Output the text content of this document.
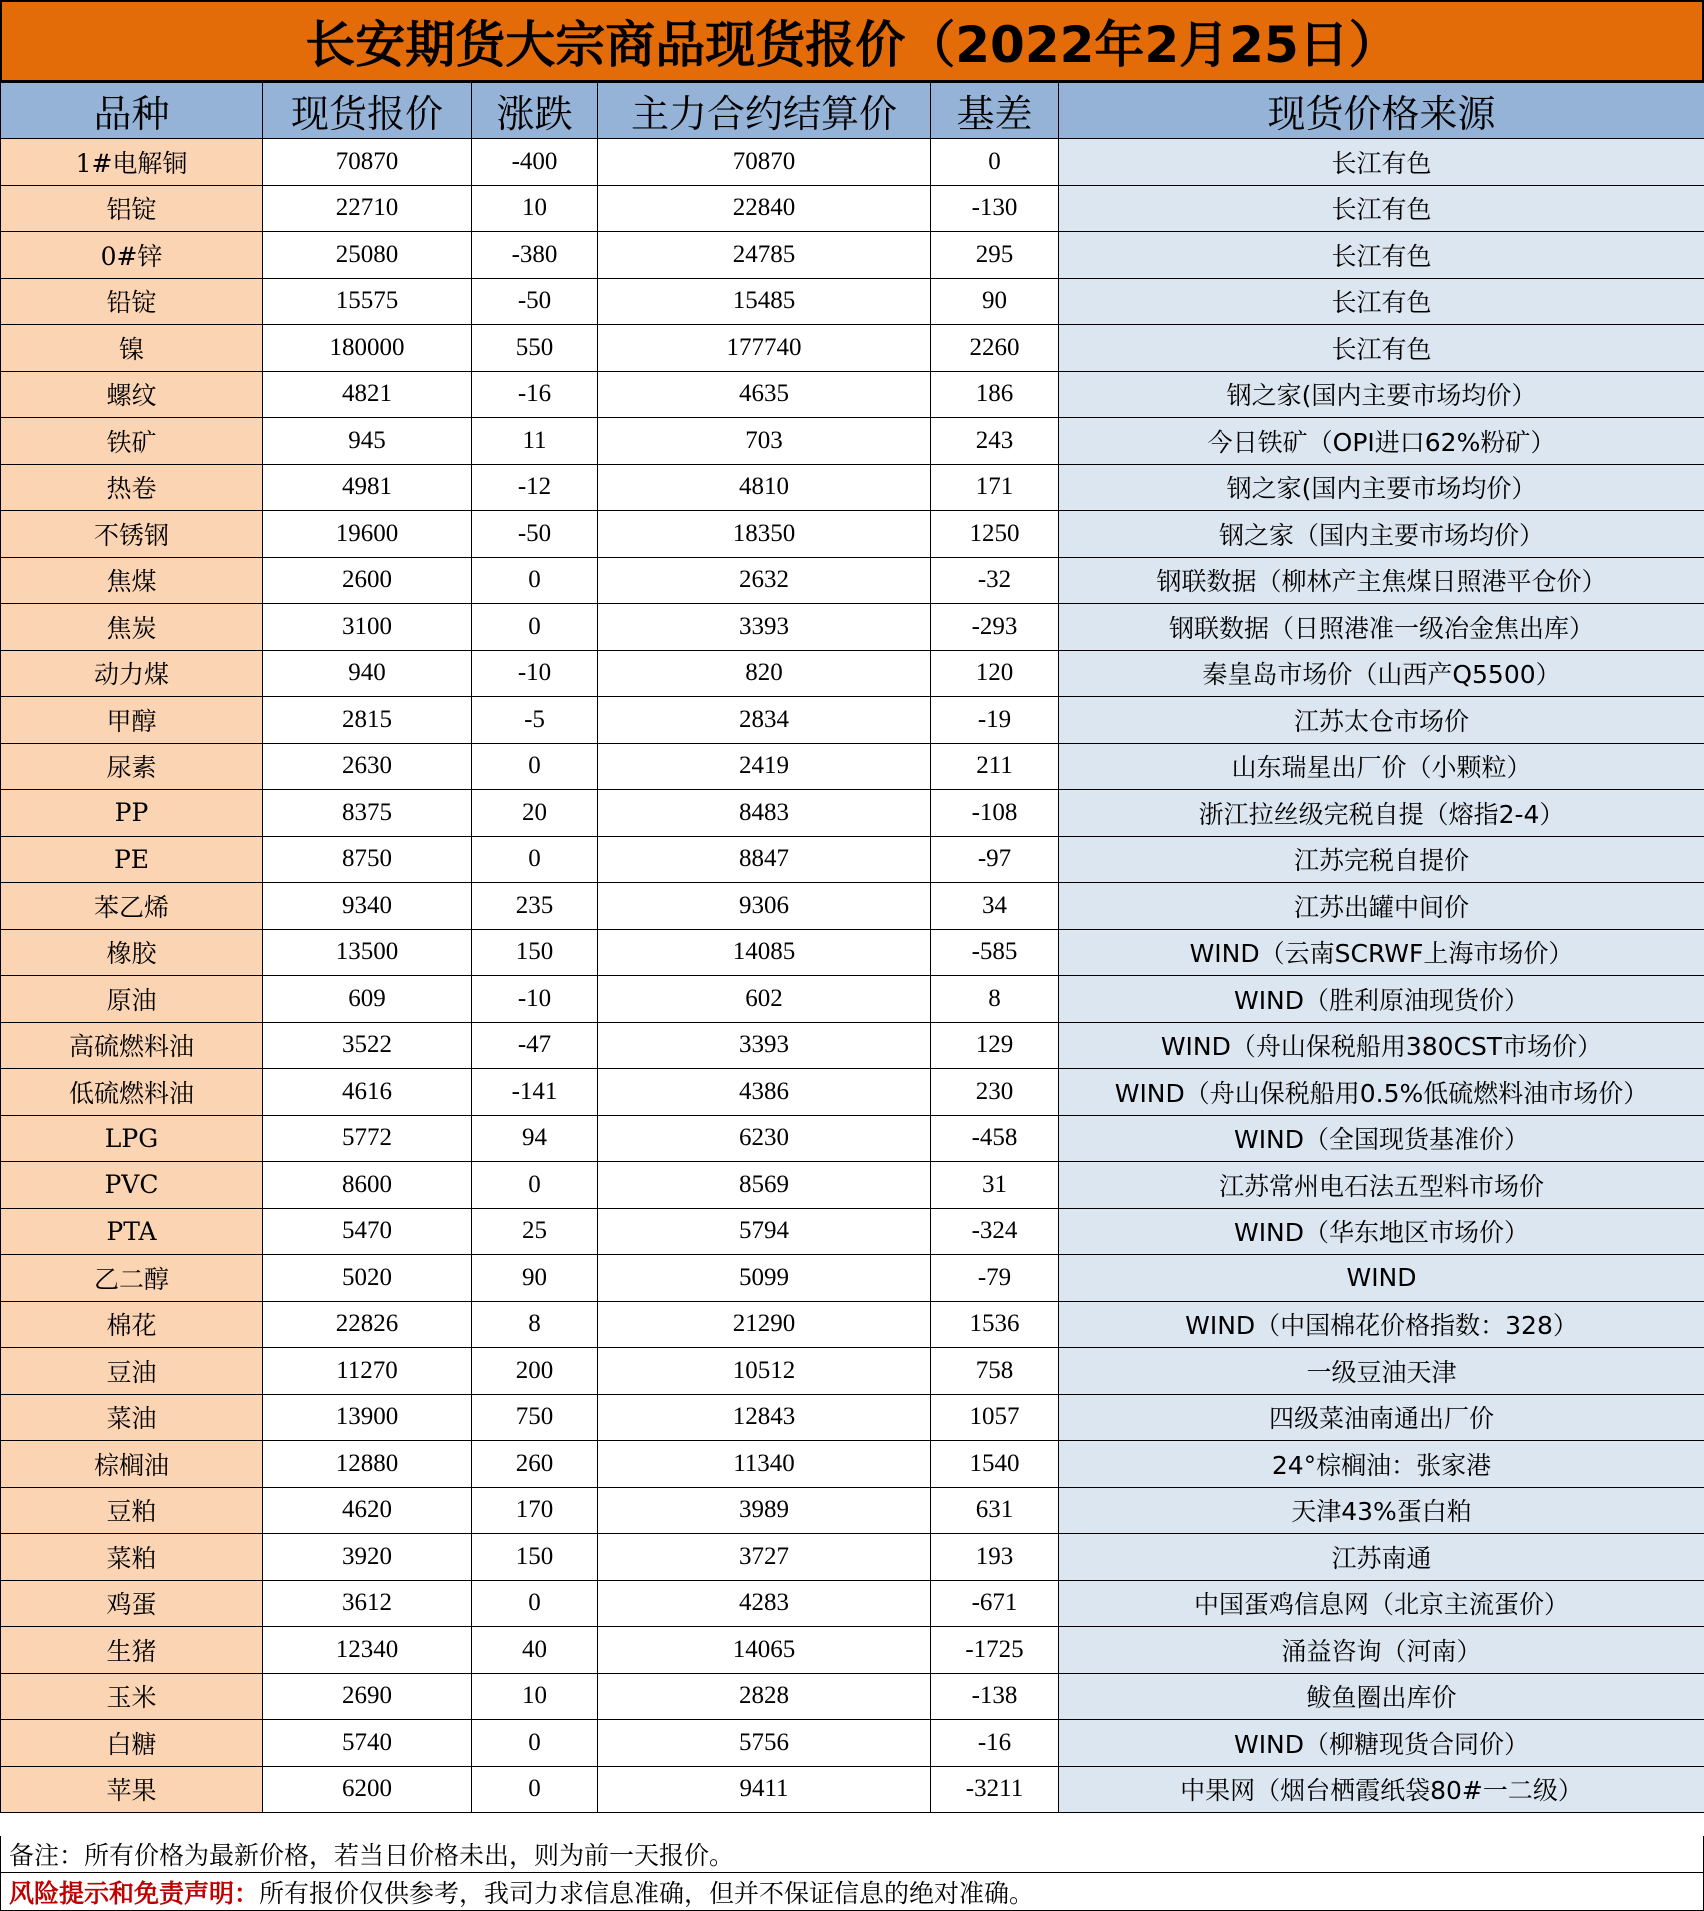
长安期货大宗商品现货报价（2022年2月25日）
品种	现货报价	涨跌	主力合约结算价	基差	现货价格来源
1#电解铜	70870	-400	70870	0	长江有色
铝锭	22710	10	22840	-130	长江有色
0#锌	25080	-380	24785	295	长江有色
铅锭	15575	-50	15485	90	长江有色
镍	180000	550	177740	2260	长江有色
螺纹	4821	-16	4635	186	钢之家(国内主要市场均价）
铁矿	945	11	703	243	今日铁矿（OPI进口62%粉矿）
热卷	4981	-12	4810	171	钢之家(国内主要市场均价）
不锈钢	19600	-50	18350	1250	钢之家（国内主要市场均价）
焦煤	2600	0	2632	-32	钢联数据（柳林产主焦煤日照港平仓价）
焦炭	3100	0	3393	-293	钢联数据（日照港准一级冶金焦出库）
动力煤	940	-10	820	120	秦皇岛市场价（山西产Q5500）
甲醇	2815	-5	2834	-19	江苏太仓市场价
尿素	2630	0	2419	211	山东瑞星出厂价（小颗粒）
PP	8375	20	8483	-108	浙江拉丝级完税自提（熔指2-4）
PE	8750	0	8847	-97	江苏完税自提价
苯乙烯	9340	235	9306	34	江苏出罐中间价
橡胶	13500	150	14085	-585	WIND（云南SCRWF上海市场价）
原油	609	-10	602	8	WIND（胜利原油现货价）
高硫燃料油	3522	-47	3393	129	WIND（舟山保税船用380CST市场价）
低硫燃料油	4616	-141	4386	230	WIND（舟山保税船用0.5%低硫燃料油市场价）
LPG	5772	94	6230	-458	WIND（全国现货基准价）
PVC	8600	0	8569	31	江苏常州电石法五型料市场价
PTA	5470	25	5794	-324	WIND（华东地区市场价）
乙二醇	5020	90	5099	-79	WIND
棉花	22826	8	21290	1536	WIND（中国棉花价格指数：328）
豆油	11270	200	10512	758	一级豆油天津
菜油	13900	750	12843	1057	四级菜油南通出厂价
棕榈油	12880	260	11340	1540	24°棕榈油：张家港
豆粕	4620	170	3989	631	天津43%蛋白粕
菜粕	3920	150	3727	193	江苏南通
鸡蛋	3612	0	4283	-671	中国蛋鸡信息网（北京主流蛋价）
生猪	12340	40	14065	-1725	涌益咨询（河南）
玉米	2690	10	2828	-138	鲅鱼圈出库价
白糖	5740	0	5756	-16	WIND（柳糖现货合同价）
苹果	6200	0	9411	-3211	中果网（烟台栖霞纸袋80#一二级）
备注：所有价格为最新价格，若当日价格未出，则为前一天报价。
风险提示和免责声明： 所有报价仅供参考，我司力求信息准确，但并不保证信息的绝对准确。
